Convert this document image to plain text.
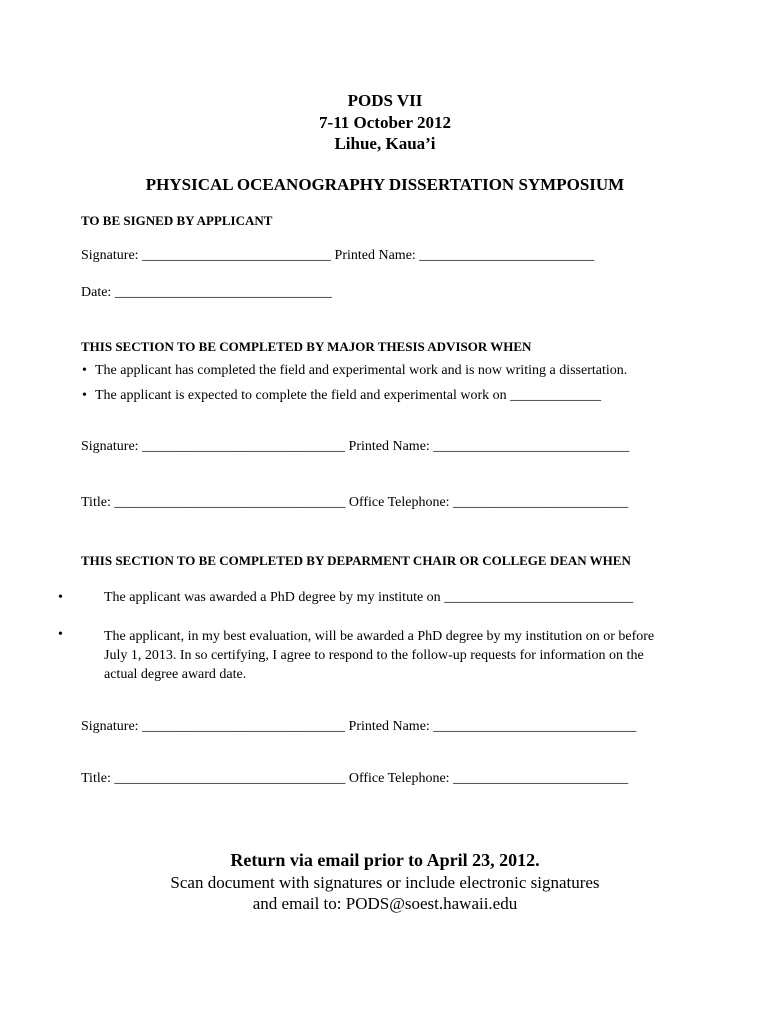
PODS VII
7-11 October 2012
Lihue, Kaua’i
PHYSICAL OCEANOGRAPHY DISSERTATION SYMPOSIUM
TO BE SIGNED BY APPLICANT
Signature: ___________________________ Printed Name: _________________________
Date: _______________________________
THIS SECTION TO BE COMPLETED BY MAJOR THESIS ADVISOR WHEN
• The applicant has completed the field and experimental work and is now writing a dissertation.
• The applicant is expected to complete the field and experimental work on _____________
Signature: _____________________________ Printed Name: ____________________________
Title: _________________________________ Office Telephone: _________________________
THIS SECTION TO BE COMPLETED BY DEPARMENT CHAIR OR COLLEGE DEAN WHEN
•	The applicant was awarded a PhD degree by my institute on ___________________________
•	The applicant, in my best evaluation, will be awarded a PhD degree by my institution on or before July 1, 2013. In so certifying, I agree to respond to the follow-up requests for information on the actual degree award date.
Signature: _____________________________ Printed Name: _____________________________
Title: _________________________________ Office Telephone: _________________________
Return via email prior to April 23, 2012.
Scan document with signatures or include electronic signatures
and email to: PODS@soest.hawaii.edu
